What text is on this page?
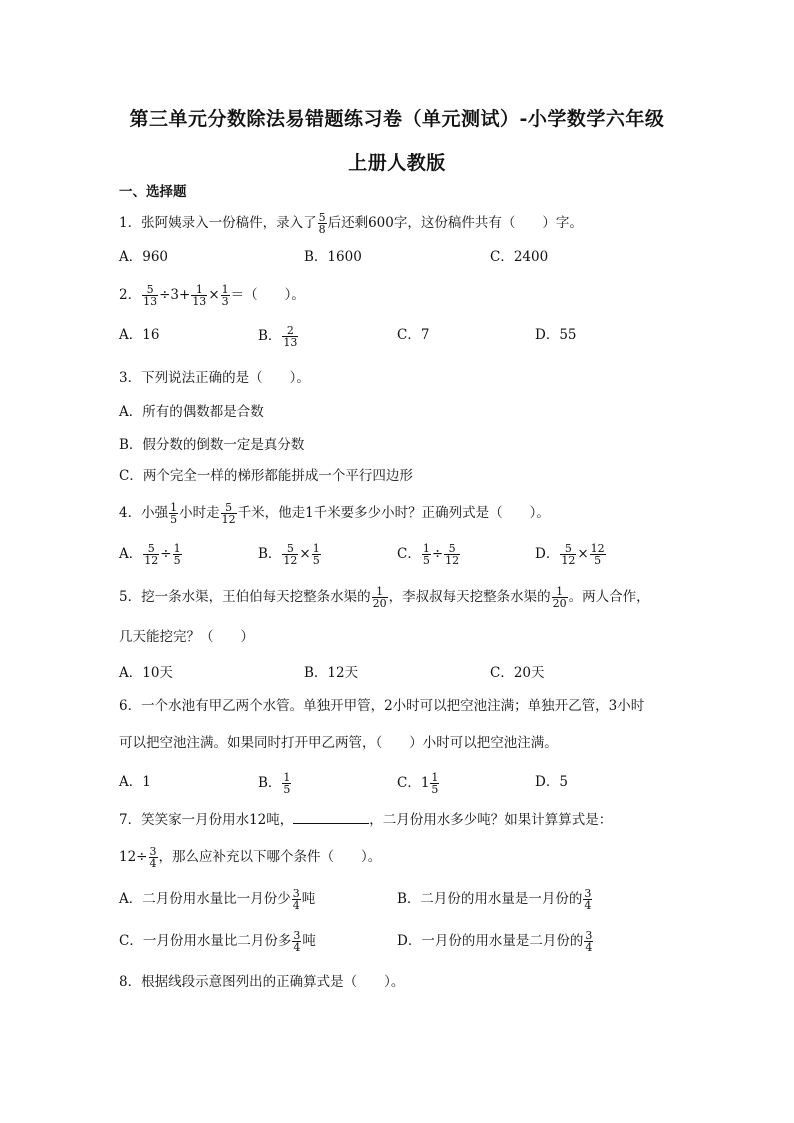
第三单元分数除法易错题练习卷（单元测试）-小学数学六年级
上册人教版
一、选择题
1．张阿姨录入一份稿件，录入了 $\frac{5}{8}$ 后还剩600字，这份稿件共有（　　）字。
A．960	B．1600	C．2400
2． $\frac{5}{13} \div 3+ \frac{1}{13} \times \frac{1}{3}$ ＝（　　）。
A．16	B． $\frac{2}{13}$	C．7	D．55
3．下列说法正确的是（　　）。
A．所有的偶数都是合数
B．假分数的倒数一定是真分数
C．两个完全一样的梯形都能拼成一个平行四边形
4．小强 $\frac{1}{5}$ 小时走 $\frac{5}{12}$ 千米，他走1千米要多少小时？正确列式是（　　）。
A． $\frac{5}{12} \div \frac{1}{5}$	B． $\frac{5}{12} \times \frac{1}{5}$	C． $\frac{1}{5} \div \frac{5}{12}$	D． $\frac{5}{12} \times \frac{12}{5}$
5．挖一条水渠，王伯伯每天挖整条水渠的 $\frac{1}{20}$ ，李叔叔每天挖整条水渠的 $\frac{1}{20}$ 。两人合作，
几天能挖完？（　　）
A．10天	B．12天	C．20天
6．一个水池有甲乙两个水管。单独开甲管，2小时可以把空池注满；单独开乙管，3小时
可以把空池注满。如果同时打开甲乙两管，（　　）小时可以把空池注满。
A．1	B． $\frac{1}{5}$	C．$1 \frac{1}{5}$	D．5
7．笑笑家一月份用水12吨，	，二月份用水多少吨？如果计算算式是：
$12\div \frac{3}{4}$ ，那么应补充以下哪个条件（　　）。
A．二月份用水量比一月份少 $\frac{3}{4}$ 吨	B．二月份的用水量是一月份的 $\frac{3}{4}$
C．一月份用水量比二月份多 $\frac{3}{4}$ 吨	D．一月份的用水量是二月份的 $\frac{3}{4}$
8．根据线段示意图列出的正确算式是（　　）。
